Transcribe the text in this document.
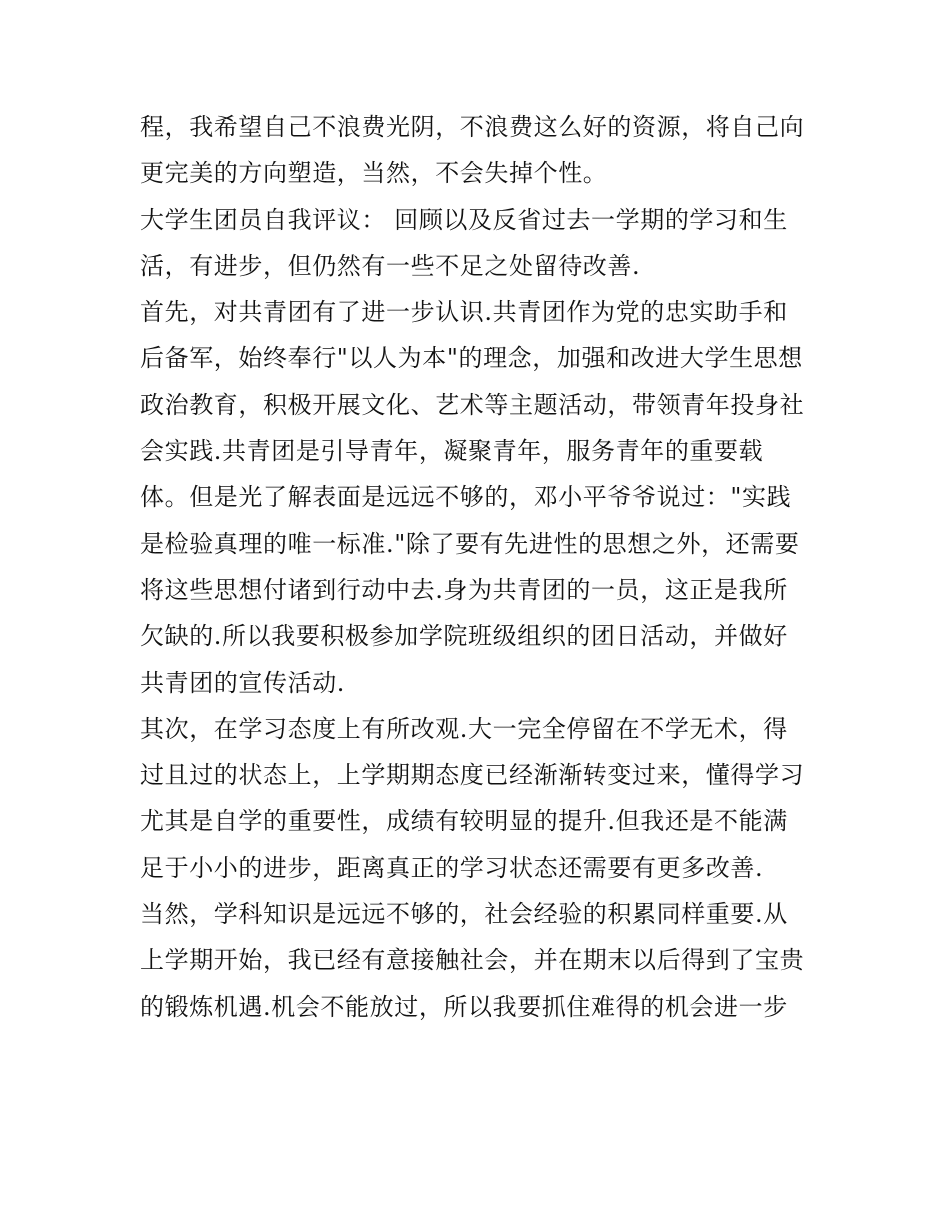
程，我希望自己不浪费光阴，不浪费这么好的资源，将自己向
更完美的方向塑造，当然，不会失掉个性。
大学生团员自我评议： 回顾以及反省过去一学期的学习和生
活，有进步，但仍然有一些不足之处留待改善.
首先，对共青团有了进一步认识.共青团作为党的忠实助手和
后备军，始终奉行"以人为本"的理念，加强和改进大学生思想
政治教育，积极开展文化、艺术等主题活动，带领青年投身社
会实践.共青团是引导青年，凝聚青年，服务青年的重要载
体。但是光了解表面是远远不够的，邓小平爷爷说过："实践
是检验真理的唯一标准."除了要有先进性的思想之外，还需要
将这些思想付诸到行动中去.身为共青团的一员，这正是我所
欠缺的.所以我要积极参加学院班级组织的团日活动，并做好
共青团的宣传活动.
其次，在学习态度上有所改观.大一完全停留在不学无术，得
过且过的状态上，上学期期态度已经渐渐转变过来，懂得学习
尤其是自学的重要性，成绩有较明显的提升.但我还是不能满
足于小小的进步，距离真正的学习状态还需要有更多改善.
当然，学科知识是远远不够的，社会经验的积累同样重要.从
上学期开始，我已经有意接触社会，并在期末以后得到了宝贵
的锻炼机遇.机会不能放过，所以我要抓住难得的机会进一步
